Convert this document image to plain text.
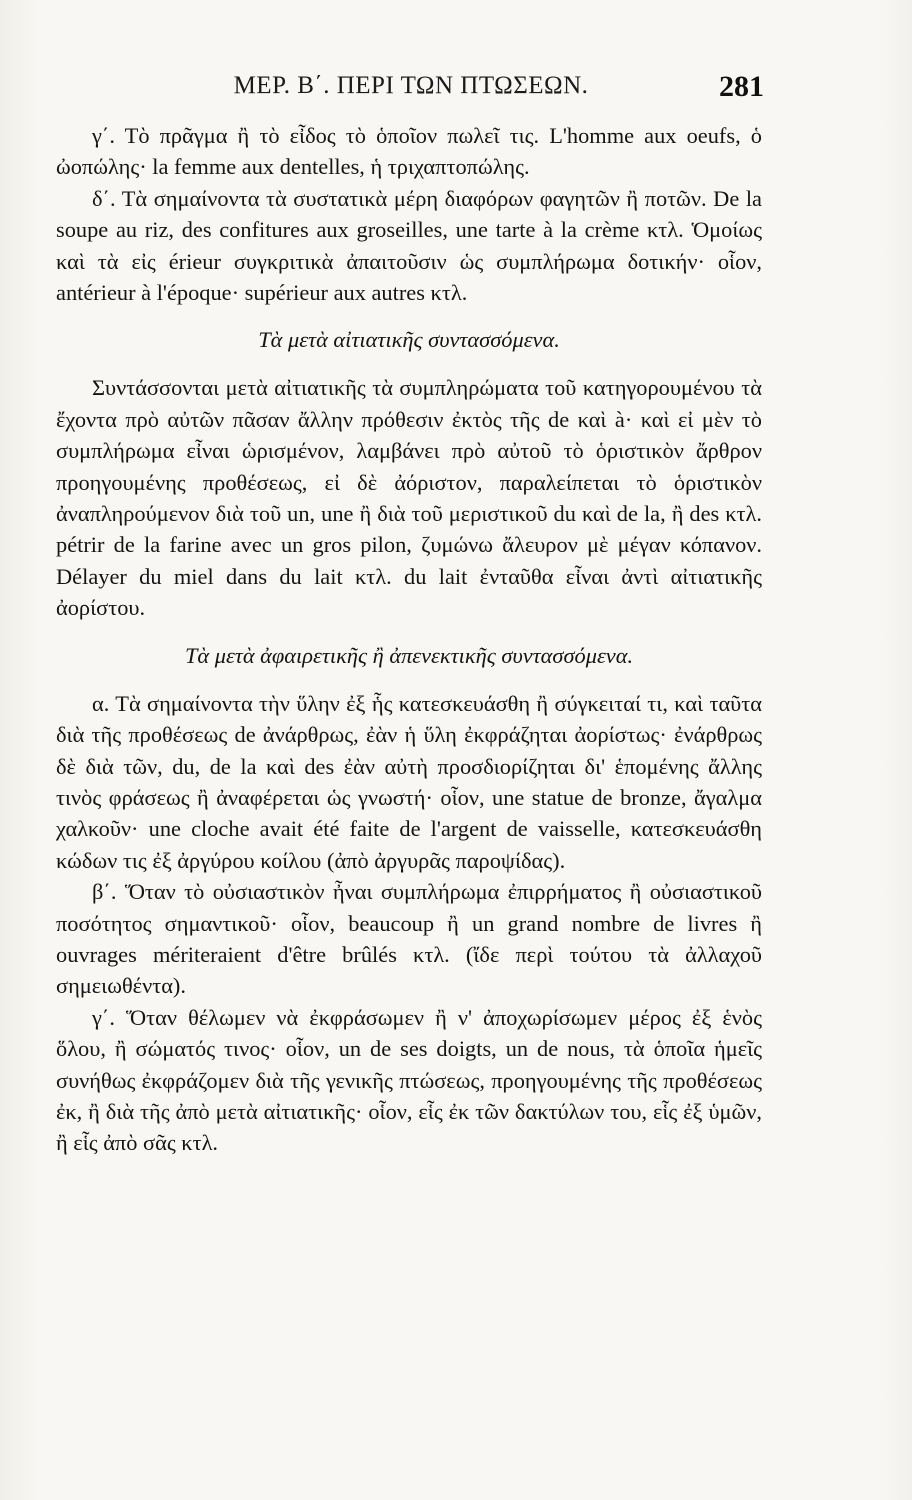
ΜΕΡ. Β΄. ΠΕΡΙ ΤΩΝ ΠΤΩΣΕΩΝ.	281

γ΄. Τὸ πρᾶγμα ἢ τὸ εἶδος τὸ ὁποῖον πωλεῖ τις. L'homme aux oeufs, ὁ ὠοπώλης· la femme aux dentelles, ἡ τριχαπτοπώλης.

δ΄. Τὰ σημαίνοντα τὰ συστατικὰ μέρη διαφόρων φαγητῶν ἢ ποτῶν. De la soupe au riz, des confitures aux groseilles, une tarte à la crème κτλ. Ὁμοίως καὶ τὰ εἰς érieur συγκριτικὰ ἀπαιτοῦσιν ὡς συμπλήρωμα δοτικήν· οἷον, antérieur à l'époque· supérieur aux autres κτλ.

Τὰ μετὰ αἰτιατικῆς συντασσόμενα.

Συντάσσονται μετὰ αἰτιατικῆς τὰ συμπληρώματα τοῦ κατηγορουμένου τὰ ἔχοντα πρὸ αὐτῶν πᾶσαν ἄλλην πρόθεσιν ἐκτὸς τῆς de καὶ à· καὶ εἰ μὲν τὸ συμπλήρωμα εἶναι ὡρισμένον, λαμβάνει πρὸ αὐτοῦ τὸ ὁριστικὸν ἄρθρον προηγουμένης προθέσεως, εἰ δὲ ἀόριστον, παραλείπεται τὸ ὁριστικὸν ἀναπληρούμενον διὰ τοῦ un, une ἢ διὰ τοῦ μεριστικοῦ du καὶ de la, ἢ des κτλ. pétrir de la farine avec un gros pilon, ζυμώνω ἄλευρον μὲ μέγαν κόπανον. Délayer du miel dans du lait κτλ. du lait ἐνταῦθα εἶναι ἀντὶ αἰτιατικῆς ἀορίστου.

Τὰ μετὰ ἀφαιρετικῆς ἢ ἀπενεκτικῆς συντασσόμενα.

α. Τὰ σημαίνοντα τὴν ὕλην ἐξ ἧς κατεσκευάσθη ἢ σύγκειταί τι, καὶ ταῦτα διὰ τῆς προθέσεως de ἀνάρθρως, ἐὰν ἡ ὕλη ἐκφράζηται ἀορίστως· ἐνάρθρως δὲ διὰ τῶν, du, de la καὶ des ἐὰν αὐτὴ προσδιορίζηται δι' ἑπομένης ἄλλης τινὸς φράσεως ἢ ἀναφέρεται ὡς γνωστή· οἷον, une statue de bronze, ἄγαλμα χαλκοῦν· une cloche avait été faite de l'argent de vaisselle, κατεσκευάσθη κώδων τις ἐξ ἀργύρου κοίλου (ἀπὸ ἀργυρᾶς παροψίδας).

β΄. Ὅταν τὸ οὐσιαστικὸν ἦναι συμπλήρωμα ἐπιρρήματος ἢ οὐσιαστικοῦ ποσότητος σημαντικοῦ· οἷον, beaucoup ἢ un grand nombre de livres ἢ ouvrages mériteraient d'être brûlés κτλ. (ἴδε περὶ τούτου τὰ ἀλλαχοῦ σημειωθέντα).

γ΄. Ὅταν θέλωμεν νὰ ἐκφράσωμεν ἢ ν' ἀποχωρίσωμεν μέρος ἐξ ἑνὸς ὅλου, ἢ σώματός τινος· οἷον, un de ses doigts, un de nous, τὰ ὁποῖα ἡμεῖς συνήθως ἐκφράζομεν διὰ τῆς γενικῆς πτώσεως, προηγουμένης τῆς προθέσεως ἐκ, ἢ διὰ τῆς ἀπὸ μετὰ αἰτιατικῆς· οἷον, εἷς ἐκ τῶν δακτύλων του, εἷς ἐξ ὑμῶν, ἢ εἷς ἀπὸ σᾶς κτλ.
